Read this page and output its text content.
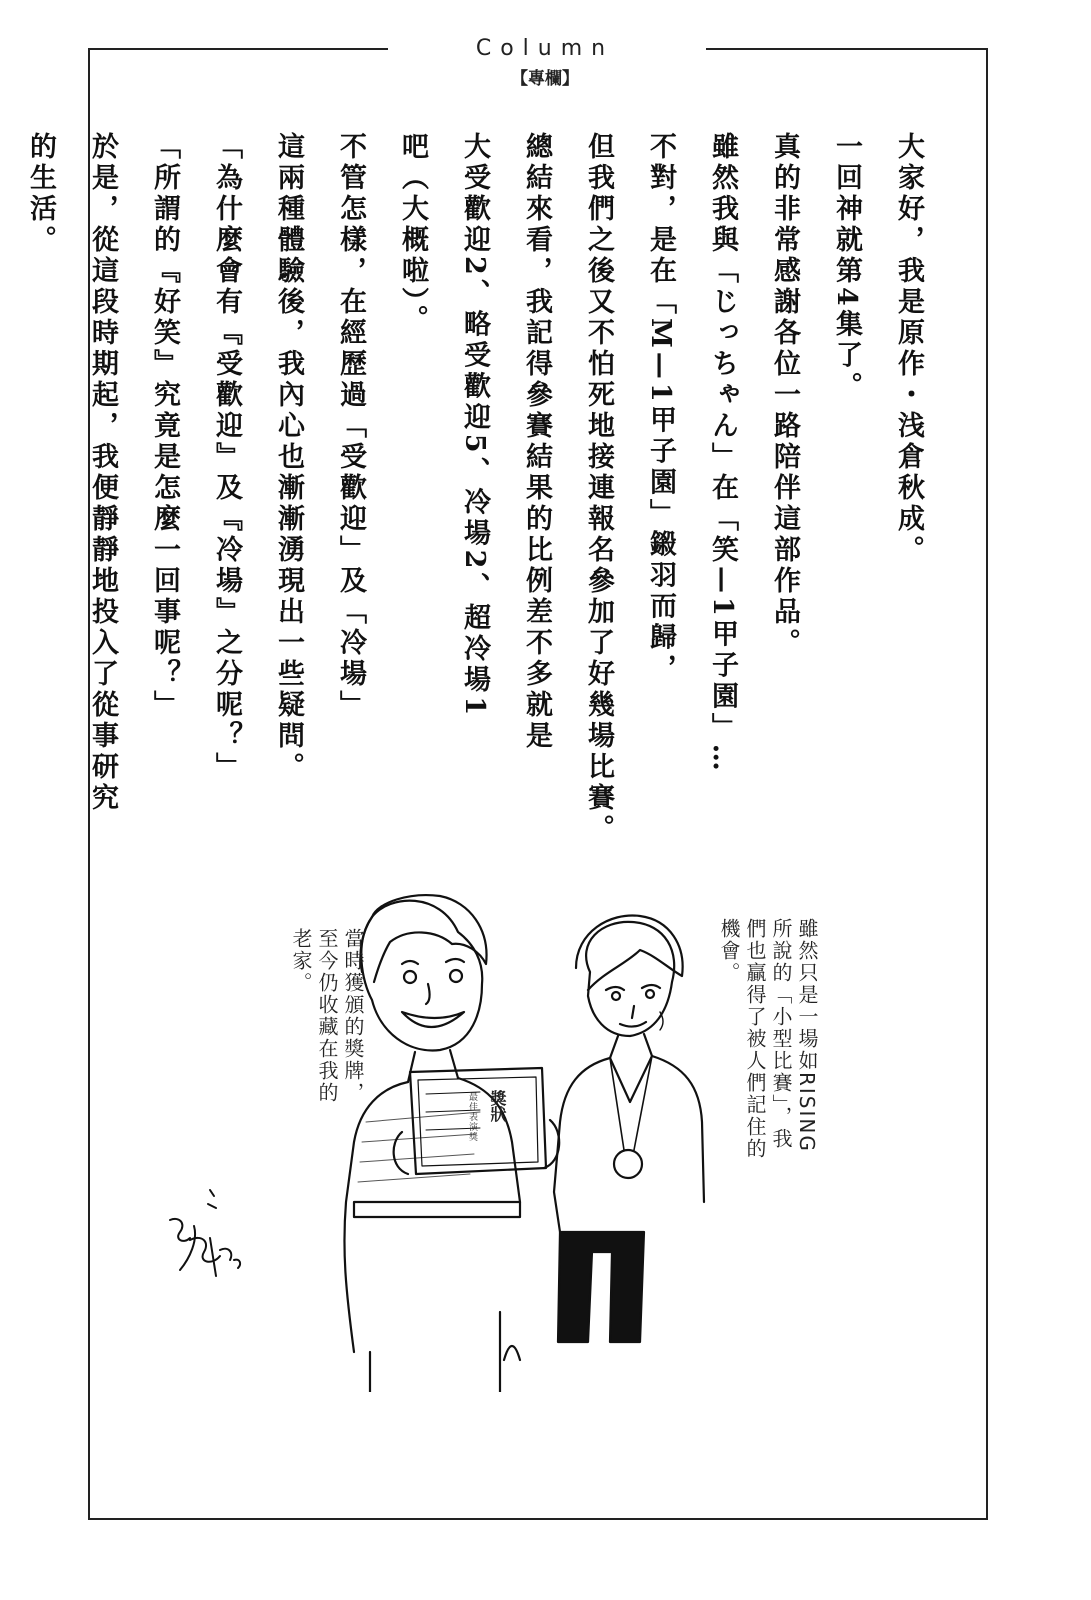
Column
【專欄】

大家好，我是原作・浅倉秋成。

一回神就第4集了。

真的非常感謝各位一路陪伴這部作品。

雖然我與「じっちゃん」在「笑—1甲子園」…

不對，是在「M—1甲子園」鎩羽而歸，

但我們之後又不怕死地接連報名參加了好幾場比賽。

總結來看，我記得參賽結果的比例差不多就是

大受歡迎2、略受歡迎5、冷場2、超冷場1

吧（大概啦）。

不管怎樣，在經歷過「受歡迎」及「冷場」

這兩種體驗後，我內心也漸漸湧現出一些疑問。

「為什麼會有『受歡迎』及『冷場』之分呢？」

「所謂的『好笑』究竟是怎麼一回事呢？」

於是，從這段時期起，我便靜靜地投入了從事研究

的生活。

獎狀
最佳表演獎	雖然只是一場如RISING

所說的「小型比賽」，我

們也贏得了被人們記住的

機會。

當時獲頒的獎牌，

至今仍收藏在我的

老家。
